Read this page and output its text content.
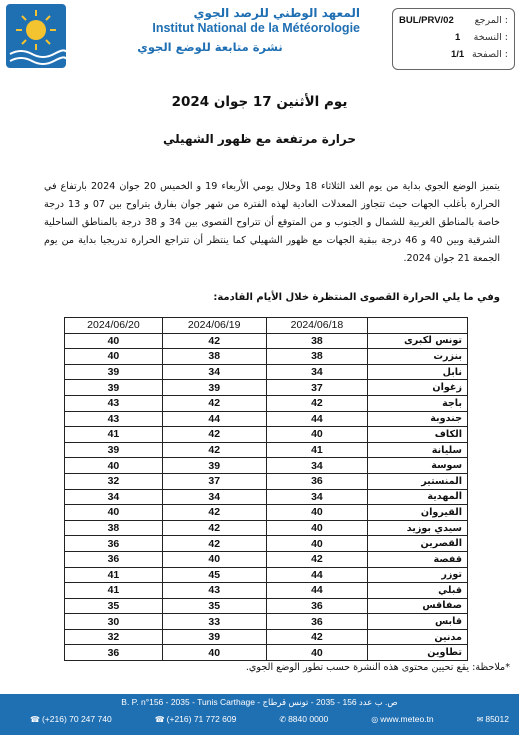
المعهد الوطني للرصد الجوي
Institut National de la Météorologie
نشرة متابعة للوضع الجوي
BUL/PRV/02 المرجع :
1 النسخة :
1/1 الصفحة :
يوم الأثنين 17 جوان 2024
حرارة مرتفعة مع ظهور الشهيلي
يتميز الوضع الجوي بداية من يوم الغد الثلاثاء 18 وخلال يومي الأربعاء 19 و الخميس 20 جوان 2024 بارتفاع في الحرارة بأغلب الجهات حيث تتجاوز المعدلات العادية لهذه الفترة من شهر جوان بفارق يتراوح بين 07 و 13 درجة خاصة بالمناطق الغربية للشمال و الجنوب و من المتوقع أن تتراوح القصوى بين 34 و 38 درجة بالمناطق الساحلية الشرقية وبين 40 و 46 درجة ببقية الجهات مع ظهور الشهيلي كما ينتظر أن تتراجع الحرارة تدريجيا بداية من يوم الجمعة 21 جوان 2024.
وفي ما يلي الحرارة القصوى المنتظرة خلال الأيام القادمة:
2024/06/20	2024/06/19	2024/06/18	
40	42	38	تونس لكبرى
40	38	38	بنزرت
39	34	34	نابل
39	39	37	زغوان
43	42	42	باجة
43	44	44	جندوبة
41	42	40	الكاف
39	42	41	سليانة
40	39	34	سوسة
32	37	36	المنستير
34	34	34	المهدية
40	42	40	القيروان
38	42	40	سيدي بوزيد
36	42	40	القصرين
36	40	42	قفصة
41	45	44	توزر
41	43	44	قبلي
35	35	36	صفاقس
30	33	36	قابس
32	39	42	مدنين
36	40	40	تطاوين
*ملاحظة: يقع تحيين محتوى هذه النشرة حسب تطور الوضع الجوي.
B. P. n°156 - 2035 - Tunis Carthage - ص. ب عدد 156 - 2035 - تونس قرطاج
☎ (+216) 70 247 740	☎ (+216) 71 772 609	✆ 8840 0000	◎ www.meteo.tn	✉ 85012
